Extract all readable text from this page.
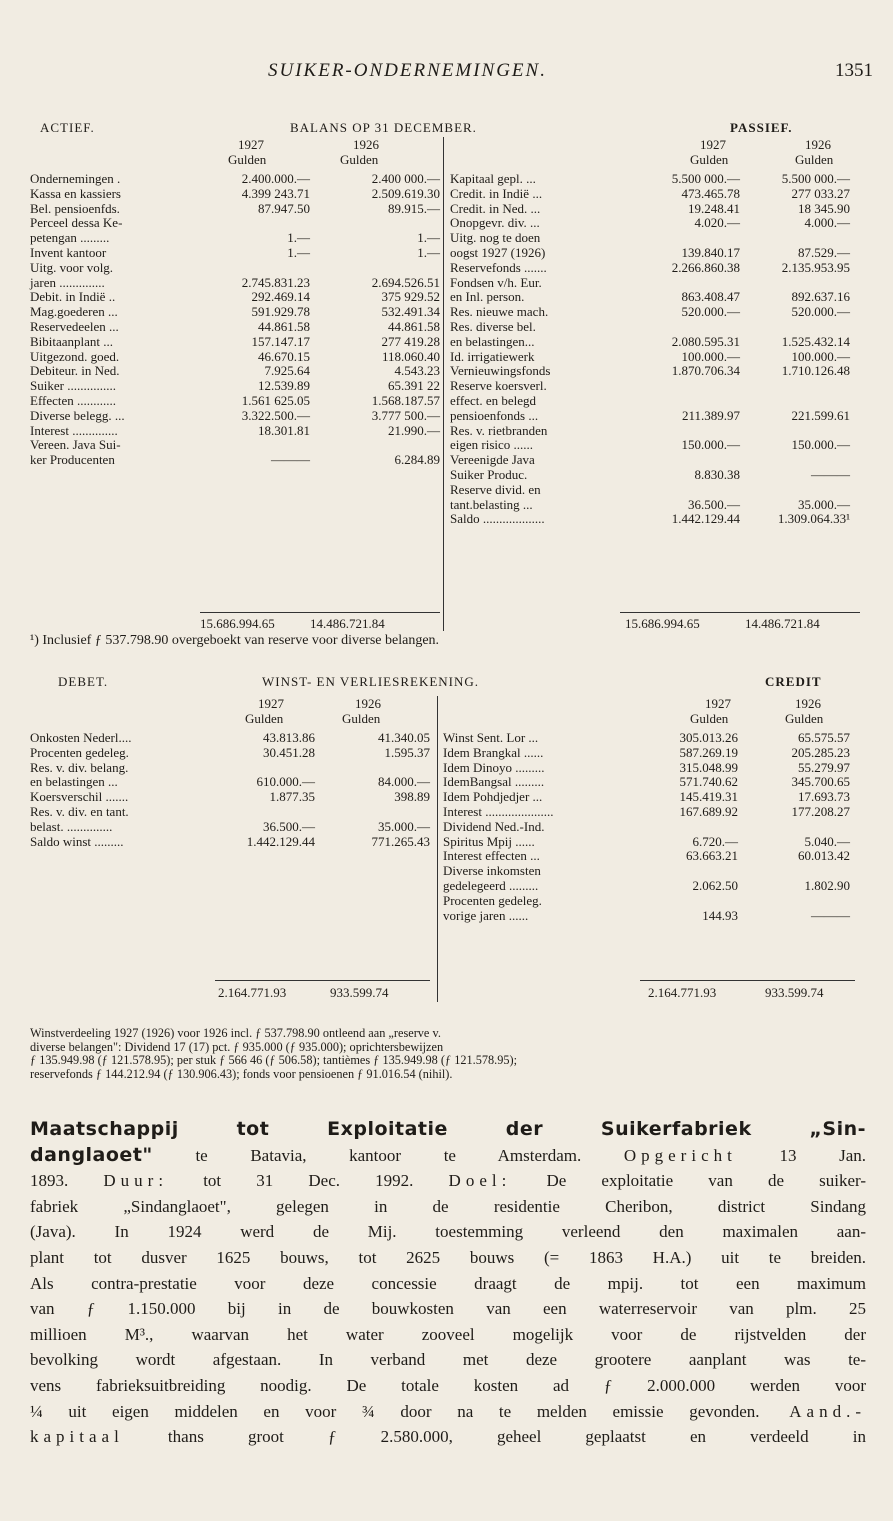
SUIKER-ONDERNEMINGEN.	1351
ACTIEF.	BALANS OP 31 DECEMBER.	PASSIEF.
1927	1926
Gulden	Gulden
1927	1926
Gulden	Gulden
Ondernemingen .	2.400.000.—	2.400 000.—
Kassa en kassiers	4.399 243.71	2.509.619.30
Bel. pensioenfds.	87.947.50	89.915.—
Perceel dessa Ke-
petengan .........	1.—	1.—
Invent kantoor	1.—	1.—
Uitg. voor volg.
jaren ..............	2.745.831.23	2.694.526.51
Debit. in Indië ..	292.469.14	375 929.52
Mag.goederen ...	591.929.78	532.491.34
Reservedeelen ...	44.861.58	44.861.58
Bibitaanplant ...	157.147.17	277 419.28
Uitgezond. goed.	46.670.15	118.060.40
Debiteur. in Ned.	7.925.64	4.543.23
Suiker ...............	12.539.89	65.391 22
Effecten ............	1.561 625.05	1.568.187.57
Diverse belegg. ...	3.322.500.—	3.777 500.—
Interest ..............	18.301.81	21.990.—
Vereen. Java Sui-
ker Producenten	———	6.284.89
Kapitaal gepl. ...	5.500 000.—	5.500 000.—
Credit. in Indië ...	473.465.78	277 033.27
Credit. in Ned. ...	19.248.41	18 345.90
Onopgevr. div. ...	4.020.—	4.000.—
Uitg. nog te doen
oogst 1927 (1926)	139.840.17	87.529.—
Reservefonds .......	2.266.860.38	2.135.953.95
Fondsen v/h. Eur.
en Inl. person.	863.408.47	892.637.16
Res. nieuwe mach.	520.000.—	520.000.—
Res. diverse bel.
en belastingen...	2.080.595.31	1.525.432.14
Id. irrigatiewerk	100.000.—	100.000.—
Vernieuwingsfonds	1.870.706.34	1.710.126.48
Reserve koersverl.
effect. en belegd
pensioenfonds ...	211.389.97	221.599.61
Res. v. rietbranden
eigen risico ......	150.000.—	150.000.—
Vereenigde Java
Suiker Produc.	8.830.38	———
Reserve divid. en
tant.belasting ...	36.500.—	35.000.—
Saldo ...................	1.442.129.44	1.309.064.33¹
15.686.994.65	14.486.721.84	15.686.994.65	14.486.721.84
¹) Inclusief ƒ 537.798.90 overgeboekt van reserve voor diverse belangen.
DEBET.	WINST- EN VERLIESREKENING.	CREDIT
1927	1926
Gulden	Gulden
1927	1926
Gulden	Gulden
Onkosten Nederl....	43.813.86	41.340.05
Procenten gedeleg.	30.451.28	1.595.37
Res. v. div. belang.
en belastingen ...	610.000.—	84.000.—
Koersverschil .......	1.877.35	398.89
Res. v. div. en tant.
belast. ..............	36.500.—	35.000.—
Saldo winst .........	1.442.129.44	771.265.43
Winst Sent. Lor ...	305.013.26	65.575.57
Idem Brangkal ......	587.269.19	205.285.23
Idem Dinoyo .........	315.048.99	55.279.97
IdemBangsal .........	571.740.62	345.700.65
Idem Pohdjedjer ...	145.419.31	17.693.73
Interest .....................	167.689.92	177.208.27
Dividend Ned.-Ind.
Spiritus Mpij ......	6.720.—	5.040.—
Interest effecten ...	63.663.21	60.013.42
Diverse inkomsten
gedelegeerd .........	2.062.50	1.802.90
Procenten gedeleg.
vorige jaren ......	144.93	———
2.164.771.93	933.599.74	2.164.771.93	933.599.74
Winstverdeeling 1927 (1926) voor 1926 incl. ƒ 537.798.90 ontleend aan „reserve v.
diverse belangen": Dividend 17 (17) pct. ƒ 935.000 (ƒ 935.000); oprichtersbewijzen
ƒ 135.949.98 (ƒ 121.578.95); per stuk ƒ 566 46 (ƒ 506.58); tantièmes ƒ 135.949.98 (ƒ 121.578.95);
reservefonds ƒ 144.212.94 (ƒ 130.906.43); fonds voor pensioenen ƒ 91.016.54 (nihil).
Maatschappij tot Exploitatie der Suikerfabriek „Sin-
danglaoet" te Batavia, kantoor te Amsterdam.	Opgericht 13 Jan.
1893. Duur: tot 31 Dec. 1992. Doel: De exploitatie van de suiker-
fabriek „Sindanglaoet", gelegen in de residentie Cheribon, district Sindang
(Java). In 1924 werd de Mij. toestemming verleend den maximalen aan-
plant tot dusver 1625 bouws, tot 2625 bouws (= 1863 H.A.) uit te breiden.
Als contra-prestatie voor deze concessie draagt de mpij. tot een maximum
van ƒ 1.150.000 bij in de bouwkosten van een waterreservoir van plm. 25
millioen M³., waarvan het water zooveel mogelijk voor de rijstvelden der
bevolking wordt afgestaan. In verband met deze grootere aanplant was te-
vens fabrieksuitbreiding noodig. De totale kosten ad ƒ 2.000.000 werden voor
¼ uit eigen middelen en voor ¾ door na te melden emissie gevonden. Aand.-
kapitaal thans groot ƒ 2.580.000, geheel geplaatst en verdeeld in
